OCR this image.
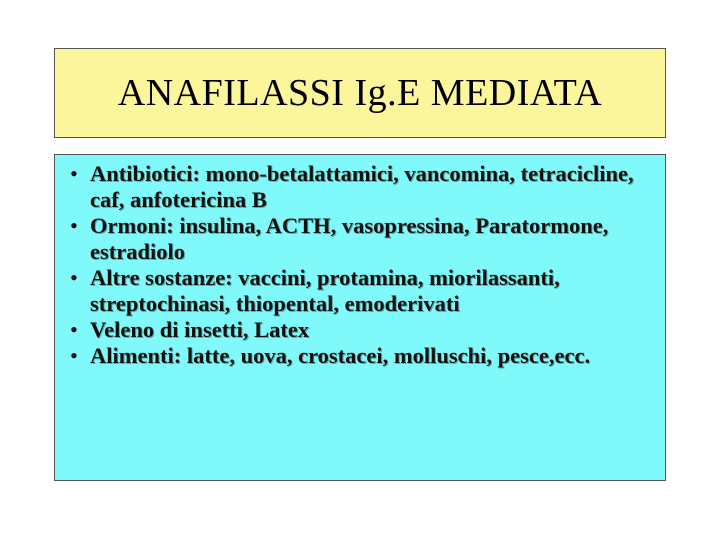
ANAFILASSI Ig.E MEDIATA
• Antibiotici: mono-betalattamici, vancomina, tetracicline, caf, anfotericina B
• Ormoni: insulina, ACTH, vasopressina, Paratormone, estradiolo
• Altre sostanze: vaccini, protamina, miorilassanti, streptochinasi, thiopental, emoderivati
• Veleno di insetti, Latex
• Alimenti: latte, uova, crostacei, molluschi, pesce,ecc.
